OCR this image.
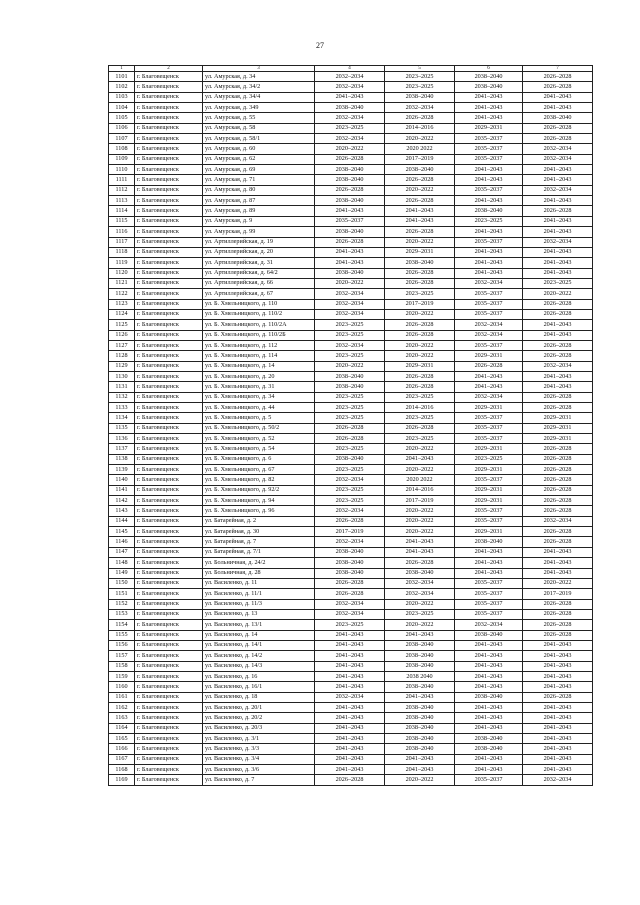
27
1	2	3	4	5	6	7
1101	г. Благовещенск	ул. Амурская, д. 34	2032–2034	2023–2025	2038–2040	2026–2028
1102	г. Благовещенск	ул. Амурская, д. 34/2	2032–2034	2023–2025	2038–2040	2026–2028
1103	г. Благовещенск	ул. Амурская, д. 34/4	2041–2043	2038–2040	2041–2043	2041–2043
1104	г. Благовещенск	ул. Амурская, д. 349	2038–2040	2032–2034	2041–2043	2041–2043
1105	г. Благовещенск	ул. Амурская, д. 55	2032–2034	2026–2028	2041–2043	2038–2040
1106	г. Благовещенск	ул. Амурская, д. 58	2023–2025	2014–2016	2029–2031	2026–2028
1107	г. Благовещенск	ул. Амурская, д. 58/1	2032–2034	2020–2022	2035–2037	2026–2028
1108	г. Благовещенск	ул. Амурская, д. 60	2020–2022	2020 2022	2035–2037	2032–2034
1109	г. Благовещенск	ул. Амурская, д. 62	2026–2028	2017–2019	2035–2037	2032–2034
1110	г. Благовещенск	ул. Амурская, д. 69	2038–2040	2038–2040	2041–2043	2041–2043
1111	г. Благовещенск	ул. Амурская, д. 71	2038–2040	2026–2028	2041–2043	2041–2043
1112	г. Благовещенск	ул. Амурская, д. 80	2026–2028	2020–2022	2035–2037	2032–2034
1113	г. Благовещенск	ул. Амурская, д. 87	2038–2040	2026–2028	2041–2043	2041–2043
1114	г. Благовещенск	ул. Амурская, д. 89	2041–2043	2041–2043	2038–2040	2026–2028
1115	г. Благовещенск	ул. Амурская, д. 9	2035–2037	2041–2043	2023–2025	2041–2043
1116	г. Благовещенск	ул. Амурская, д. 99	2038–2040	2026–2028	2041–2043	2041–2043
1117	г. Благовещенск	ул. Артиллерийская, д. 19	2026–2028	2020–2022	2035–2037	2032–2034
1118	г. Благовещенск	ул. Артиллерийская, д. 20	2041–2043	2029–2031	2041–2043	2041–2043
1119	г. Благовещенск	ул. Артиллерийская, д. 31	2041–2043	2038–2040	2041–2043	2041–2043
1120	г. Благовещенск	ул. Артиллерийская, д. 64/2	2038–2040	2026–2028	2041–2043	2041–2043
1121	г. Благовещенск	ул. Артиллерийская, д. 66	2020–2022	2026–2028	2032–2034	2023–2025
1122	г. Благовещенск	ул. Артиллерийская, д. 67	2032–2034	2023–2025	2035–2037	2020–2022
1123	г. Благовещенск	ул. Б. Хмельницкого, д. 110	2032–2034	2017–2019	2035–2037	2026–2028
1124	г. Благовещенск	ул. Б. Хмельницкого, д. 110/2	2032–2034	2020–2022	2035–2037	2026–2028
1125	г. Благовещенск	ул. Б. Хмельницкого, д. 110/2А	2023–2025	2026–2028	2032–2034	2041–2043
1126	г. Благовещенск	ул. Б. Хмельницкого, д. 110/2Б	2023–2025	2026–2028	2032–2034	2041–2043
1127	г. Благовещенск	ул. Б. Хмельницкого, д. 112	2032–2034	2020–2022	2035–2037	2026–2028
1128	г. Благовещенск	ул. Б. Хмельницкого, д. 114	2023–2025	2020–2022	2029–2031	2026–2028
1129	г. Благовещенск	ул. Б. Хмельницкого, д. 14	2020–2022	2029–2031	2026–2028	2032–2034
1130	г. Благовещенск	ул. Б. Хмельницкого, д. 20	2038–2040	2026–2028	2041–2043	2041–2043
1131	г. Благовещенск	ул. Б. Хмельницкого, д. 31	2038–2040	2026–2028	2041–2043	2041–2043
1132	г. Благовещенск	ул. Б. Хмельницкого, д. 34	2023–2025	2023–2025	2032–2034	2026–2028
1133	г. Благовещенск	ул. Б. Хмельницкого, д. 44	2023–2025	2014–2016	2029–2031	2026–2028
1134	г. Благовещенск	ул. Б. Хмельницкого, д. 5	2023–2025	2023–2025	2035–2037	2029–2031
1135	г. Благовещенск	ул. Б. Хмельницкого, д. 50/2	2026–2028	2026–2028	2035–2037	2029–2031
1136	г. Благовещенск	ул. Б. Хмельницкого, д. 52	2026–2028	2023–2025	2035–2037	2029–2031
1137	г. Благовещенск	ул. Б. Хмельницкого, д. 54	2023–2025	2020–2022	2029–2031	2026–2028
1138	г. Благовещенск	ул. Б. Хмельницкого, д. 6	2038–2040	2041–2043	2023–2025	2026–2028
1139	г. Благовещенск	ул. Б. Хмельницкого, д. 67	2023–2025	2020–2022	2029–2031	2026–2028
1140	г. Благовещенск	ул. Б. Хмельницкого, д. 82	2032–2034	2020 2022	2035–2037	2026–2028
1141	г. Благовещенск	ул. Б. Хмельницкого, д. 92/2	2023–2025	2014–2016	2029–2031	2026–2028
1142	г. Благовещенск	ул. Б. Хмельницкого, д. 94	2023–2025	2017–2019	2029–2031	2026–2028
1143	г. Благовещенск	ул. Б. Хмельницкого, д. 96	2032–2034	2020–2022	2035–2037	2026–2028
1144	г. Благовещенск	ул. Батарейная, д. 2	2026–2028	2020–2022	2035–2037	2032–2034
1145	г. Благовещенск	ул. Батарейная, д. 30	2017–2019	2020–2022	2029–2031	2026–2028
1146	г. Благовещенск	ул. Батарейная, д. 7	2032–2034	2041–2043	2038–2040	2026–2028
1147	г. Благовещенск	ул. Батарейная, д. 7/1	2038–2040	2041–2043	2041–2043	2041–2043
1148	г. Благовещенск	ул. Больничная, д. 24/2	2038–2040	2026–2028	2041–2043	2041–2043
1149	г. Благовещенск	ул. Больничная, д. 28	2038–2040	2038–2040	2041–2043	2041–2043
1150	г. Благовещенск	ул. Василенко, д. 11	2026–2028	2032–2034	2035–2037	2020–2022
1151	г. Благовещенск	ул. Василенко, д. 11/1	2026–2028	2032–2034	2035–2037	2017–2019
1152	г. Благовещенск	ул. Василенко, д. 11/3	2032–2034	2020–2022	2035–2037	2026–2028
1153	г. Благовещенск	ул. Василенко, д. 13	2032–2034	2023–2025	2035–2037	2026–2028
1154	г. Благовещенск	ул. Василенко, д. 13/1	2023–2025	2020–2022	2032–2034	2026–2028
1155	г. Благовещенск	ул. Василенко, д. 14	2041–2043	2041–2043	2038–2040	2026–2028
1156	г. Благовещенск	ул. Василенко, д. 14/1	2041–2043	2038–2040	2041–2043	2041–2043
1157	г. Благовещенск	ул. Василенко, д. 14/2	2041–2043	2038–2040	2041–2043	2041–2043
1158	г. Благовещенск	ул. Василенко, д. 14/3	2041–2043	2038–2040	2041–2043	2041–2043
1159	г. Благовещенск	ул. Василенко, д. 16	2041–2043	2038 2040	2041–2043	2041–2043
1160	г. Благовещенск	ул. Василенко, д. 16/1	2041–2043	2038–2040	2041–2043	2041–2043
1161	г. Благовещенск	ул. Василенко, д. 18	2032–2034	2041–2043	2038–2040	2026–2028
1162	г. Благовещенск	ул. Василенко, д. 20/1	2041–2043	2038–2040	2041–2043	2041–2043
1163	г. Благовещенск	ул. Василенко, д. 20/2	2041–2043	2038–2040	2041–2043	2041–2043
1164	г. Благовещенск	ул. Василенко, д. 20/3	2041–2043	2038–2040	2041–2043	2041–2043
1165	г. Благовещенск	ул. Василенко, д. 3/1	2041–2043	2038–2040	2038–2040	2041–2043
1166	г. Благовещенск	ул. Василенко, д. 3/3	2041–2043	2038–2040	2038–2040	2041–2043
1167	г. Благовещенск	ул. Василенко, д. 3/4	2041–2043	2041–2043	2041–2043	2041–2043
1168	г. Благовещенск	ул. Василенко, д. 3/6	2041–2043	2041–2043	2041–2043	2041–2043
1169	г. Благовещенск	ул. Василенко, д. 7	2026–2028	2020–2022	2035–2037	2032–2034
